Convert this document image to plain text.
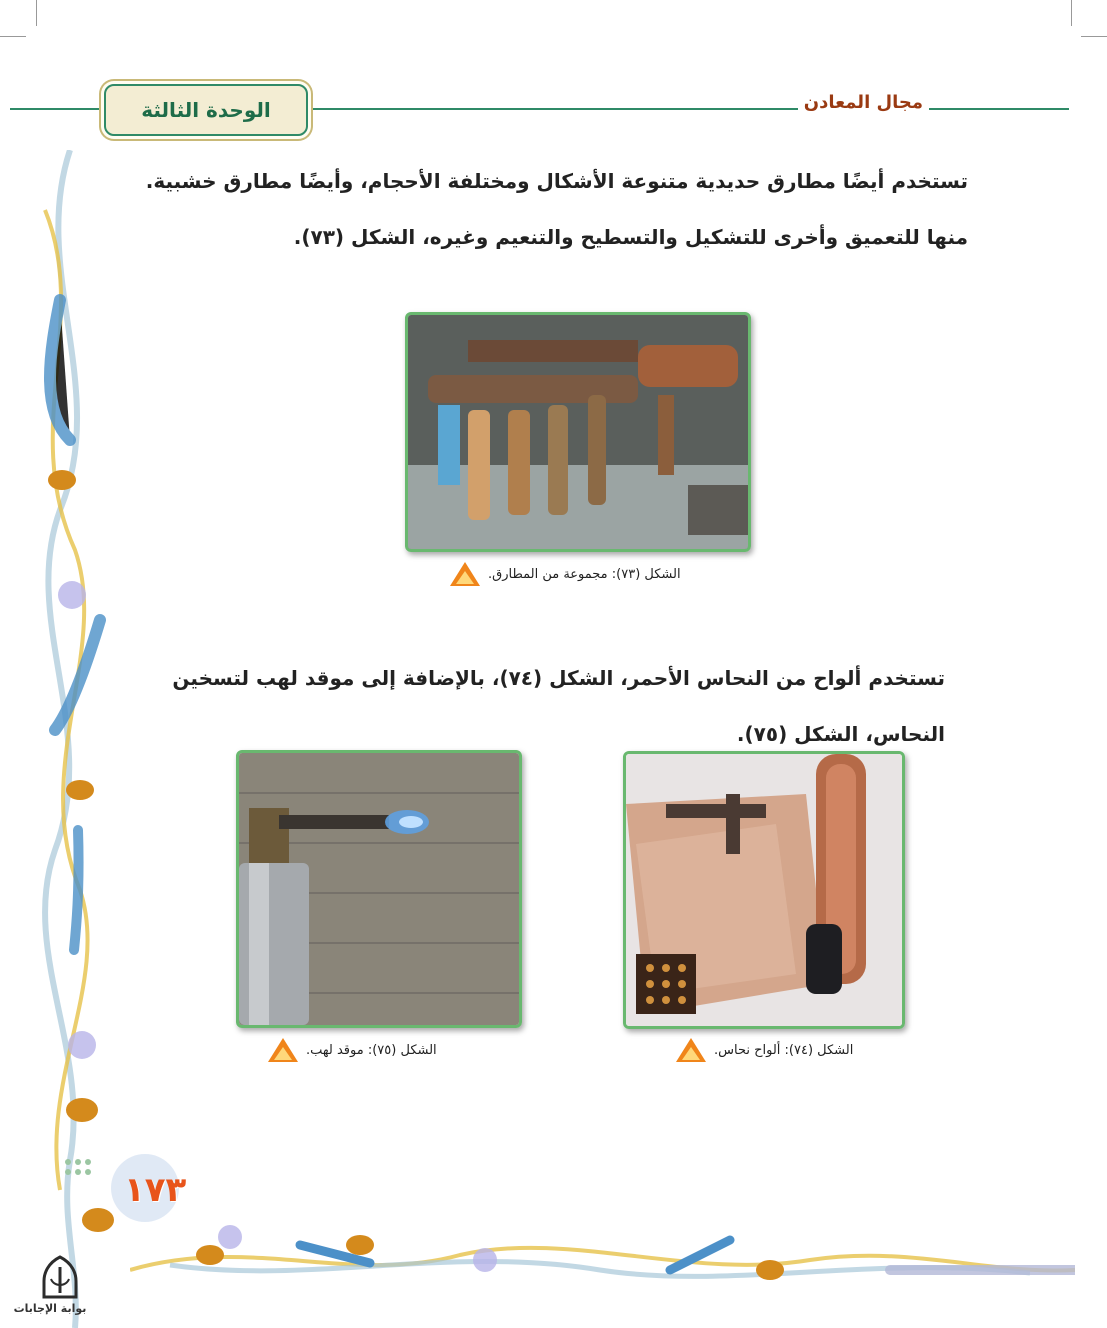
الوحدة الثالثة	مجال المعادن
تستخدم أيضًا مطارق حديدية متنوعة الأشكال ومختلفة الأحجام، وأيضًا مطارق خشبية. منها للتعميق وأخرى للتشكيل والتسطيح والتنعيم وغيره، الشكل (٧٣).
الشكل (٧٣): مجموعة من المطارق.
تستخدم ألواح من النحاس الأحمر، الشكل (٧٤)، بالإضافة إلى موقد لهب لتسخين النحاس، الشكل (٧٥).
الشكل (٧٤): ألواح نحاس.
الشكل (٧٥): موقد لهب.
١٧٣
بوابة الإجابات
